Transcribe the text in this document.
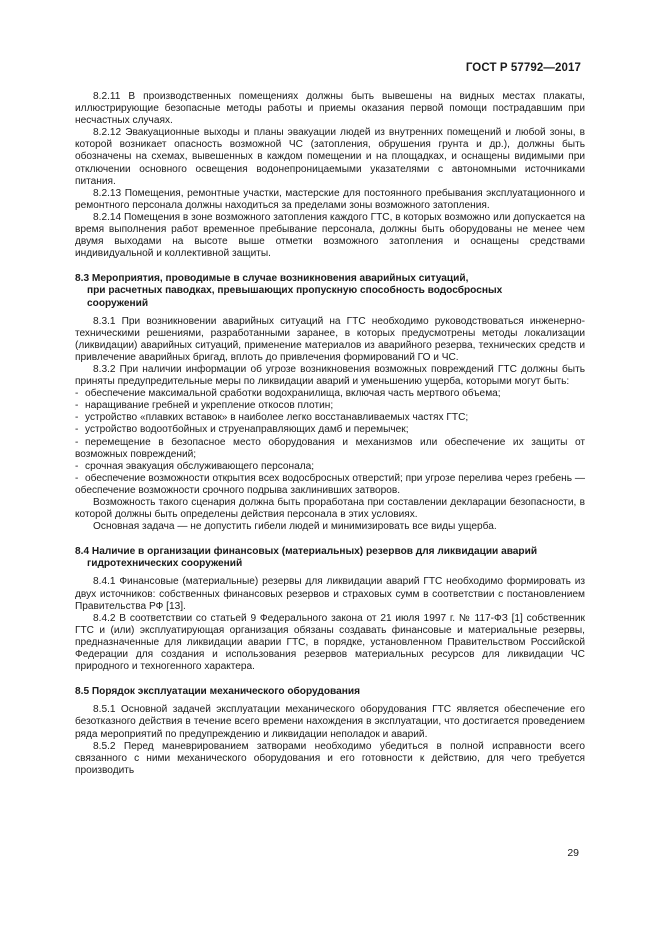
ГОСТ Р 57792—2017

8.2.11 В производственных помещениях должны быть вывешены на видных местах плакаты, иллюстрирующие безопасные методы работы и приемы оказания первой помощи пострадавшим при несчастных случаях.

8.2.12 Эвакуационные выходы и планы эвакуации людей из внутренних помещений и любой зоны, в которой возникает опасность возможной ЧС (затопления, обрушения грунта и др.), должны быть обозначены на схемах, вывешенных в каждом помещении и на площадках, и оснащены видимыми при отключении основного освещения водонепроницаемыми указателями с автономными источниками питания.

8.2.13 Помещения, ремонтные участки, мастерские для постоянного пребывания эксплуатационного и ремонтного персонала должны находиться за пределами зоны возможного затопления.

8.2.14 Помещения в зоне возможного затопления каждого ГТС, в которых возможно или допускается на время выполнения работ временное пребывание персонала, должны быть оборудованы не менее чем двумя выходами на высоте выше отметки возможного затопления и оснащены средствами индивидуальной и коллективной защиты.

8.3 Мероприятия, проводимые в случае возникновения аварийных ситуаций,
при расчетных паводках, превышающих пропускную способность водосбросных
сооружений

8.3.1 При возникновении аварийных ситуаций на ГТС необходимо руководствоваться инженерно-техническими решениями, разработанными заранее, в которых предусмотрены методы локализации (ликвидации) аварийных ситуаций, применение материалов из аварийного резерва, технических средств и привлечение аварийных бригад, вплоть до привлечения формирований ГО и ЧС.

8.3.2 При наличии информации об угрозе возникновения возможных повреждений ГТС должны быть приняты предупредительные меры по ликвидации аварий и уменьшению ущерба, которыми могут быть:

- обеспечение максимальной сработки водохранилища, включая часть мертвого объема;

- наращивание гребней и укрепление откосов плотин;

- устройство «плавких вставок» в наиболее легко восстанавливаемых частях ГТС;

- устройство водоотбойных и струенаправляющих дамб и перемычек;

- перемещение в безопасное место оборудования и механизмов или обеспечение их защиты от возможных повреждений;

- срочная эвакуация обслуживающего персонала;

- обеспечение возможности открытия всех водосбросных отверстий; при угрозе перелива через гребень — обеспечение возможности срочного подрыва заклинивших затворов.

Возможность такого сценария должна быть проработана при составлении декларации безопасности, в которой должны быть определены действия персонала в этих условиях.

Основная задача — не допустить гибели людей и минимизировать все виды ущерба.

8.4 Наличие в организации финансовых (материальных) резервов для ликвидации аварий
гидротехнических сооружений

8.4.1 Финансовые (материальные) резервы для ликвидации аварий ГТС необходимо формировать из двух источников: собственных финансовых резервов и страховых сумм в соответствии с постановлением Правительства РФ [13].

8.4.2 В соответствии со статьей 9 Федерального закона от 21 июля 1997 г. № 117-ФЗ [1] собственник ГТС и (или) эксплуатирующая организация обязаны создавать финансовые и материальные резервы, предназначенные для ликвидации аварии ГТС, в порядке, установленном Правительством Российской Федерации для создания и использования резервов материальных ресурсов для ликвидации ЧС природного и техногенного характера.

8.5 Порядок эксплуатации механического оборудования

8.5.1 Основной задачей эксплуатации механического оборудования ГТС является обеспечение его безотказного действия в течение всего времени нахождения в эксплуатации, что достигается проведением ряда мероприятий по предупреждению и ликвидации неполадок и аварий.

8.5.2 Перед маневрированием затворами необходимо убедиться в полной исправности всего связанного с ними механического оборудования и его готовности к действию, для чего требуется производить

29
